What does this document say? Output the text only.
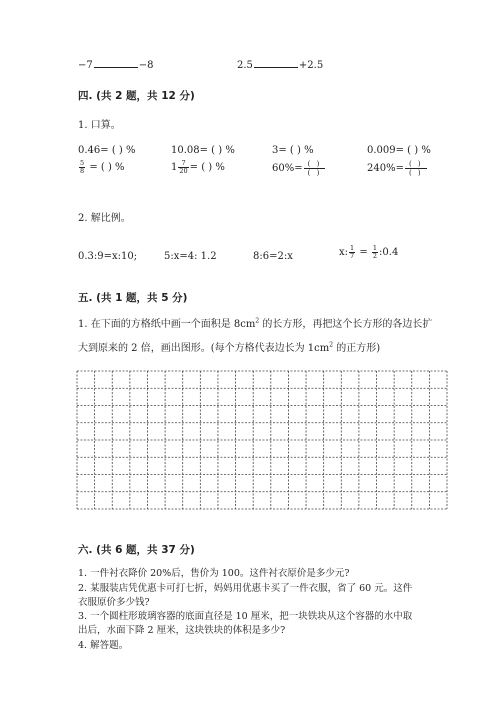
−7	−8	2.5	+2.5
四. (共 2 题，共 12 分)
1. 口算。
0.46= ( ) %	10.08= ( ) %	3= ( ) %	0.009= ( ) %
$\frac{5}{8}$ = ( ) %	$1 \frac{7}{20}$ = ( ) %	$60\%= \frac{( )}{( )}$	$240\%= \frac{( )}{( )}$
2. 解比例。
0.3:9=x:10;	5:x=4: 1.2	8:6=2:x	x: $\frac{1}{7} = \frac{1}{2}$ :0.4
五. (共 1 题，共 5 分)
1. 在下面的方格纸中画一个面积是 $8cm^2$ 的长方形，再把这个长方形的各边长扩
大到原来的 2 倍，画出图形。(每个方格代表边长为 $1cm^2$ 的正方形)
六. (共 6 题，共 37 分)
1. 一件衬衣降价 20%后，售价为 100。这件衬衣原价是多少元?
2. 某服装店凭优惠卡可打七折，妈妈用优惠卡买了一件衣服，省了 60 元。这件
衣服原价多少钱?
3. 一个圆柱形玻璃容器的底面直径是 10 厘米，把一块铁块从这个容器的水中取
出后，水面下降 2 厘米，这块铁块的体积是多少?
4. 解答题。
